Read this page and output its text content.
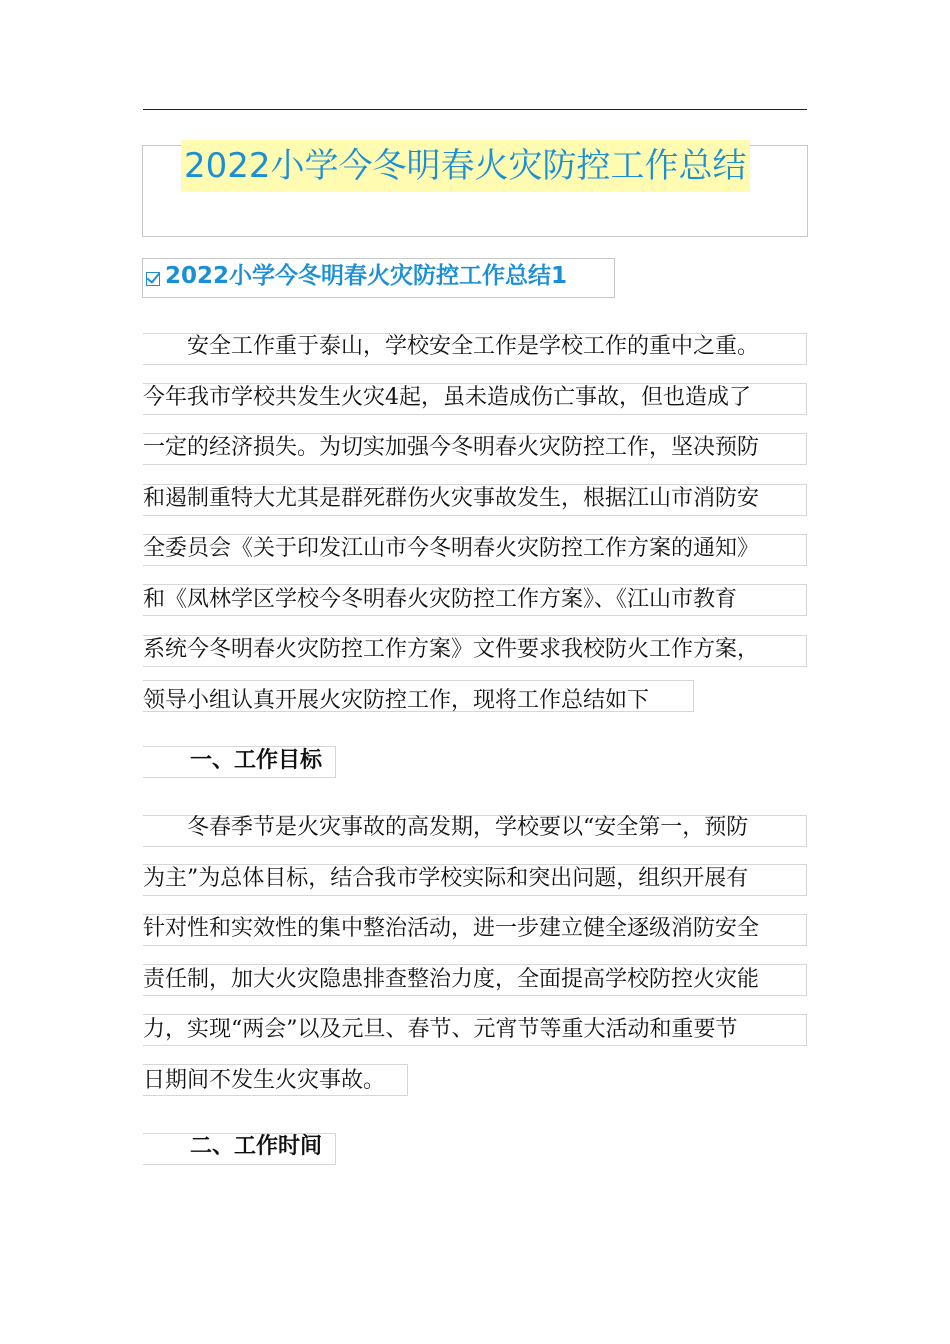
2022小学今冬明春火灾防控工作总结
2022小学今冬明春火灾防控工作总结1
安全工作重于泰山，学校安全工作是学校工作的重中之重。
今年我市学校共发生火灾4起，虽未造成伤亡事故，但也造成了
一定的经济损失。为切实加强今冬明春火灾防控工作，坚决预防
和遏制重特大尤其是群死群伤火灾事故发生，根据江山市消防安
全委员会《关于印发江山市今冬明春火灾防控工作方案的通知》
和《凤林学区学校今冬明春火灾防控工作方案》、《江山市教育
系统今冬明春火灾防控工作方案》文件要求我校防火工作方案，
领导小组认真开展火灾防控工作，现将工作总结如下
一、工作目标
冬春季节是火灾事故的高发期，学校要以“安全第一，预防
为主”为总体目标，结合我市学校实际和突出问题，组织开展有
针对性和实效性的集中整治活动，进一步建立健全逐级消防安全
责任制，加大火灾隐患排查整治力度，全面提高学校防控火灾能
力，实现“两会”以及元旦、春节、元宵节等重大活动和重要节
日期间不发生火灾事故。
二、工作时间
